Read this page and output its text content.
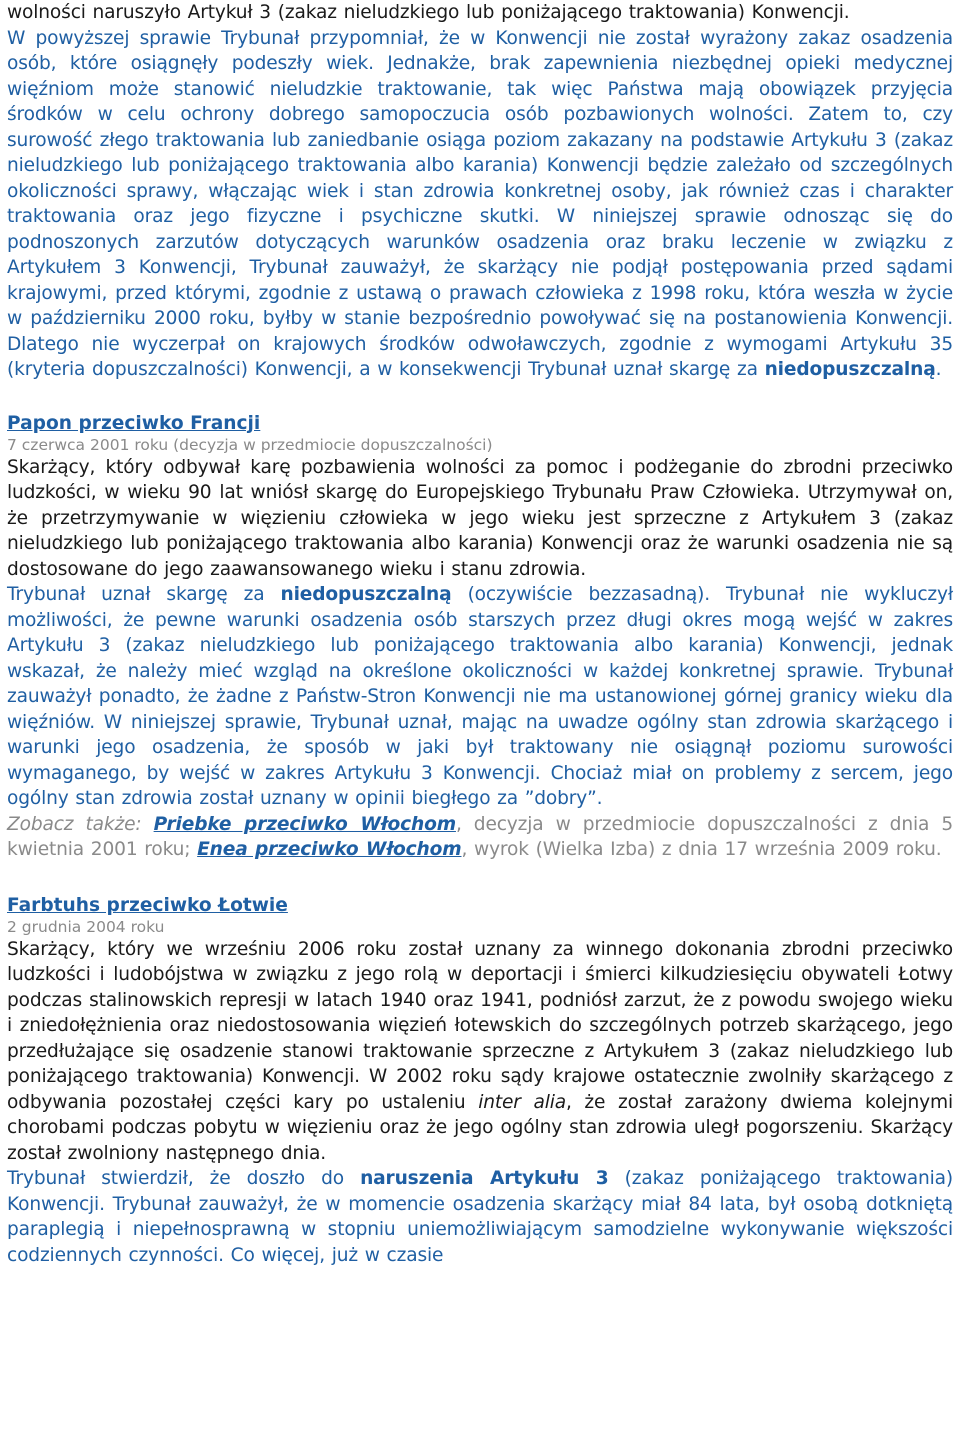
wolności naruszyło Artykuł 3 (zakaz nieludzkiego lub poniżającego traktowania) Konwencji.

W powyższej sprawie Trybunał przypomniał, że w Konwencji nie został wyrażony zakaz osadzenia osób, które osiągnęły podeszły wiek. Jednakże, brak zapewnienia niezbędnej opieki medycznej więźniom może stanowić nieludzkie traktowanie, tak więc Państwa mają obowiązek przyjęcia środków w celu ochrony dobrego samopoczucia osób pozbawionych wolności. Zatem to, czy surowość złego traktowania lub zaniedbanie osiąga poziom zakazany na podstawie Artykułu 3 (zakaz nieludzkiego lub poniżającego traktowania albo karania) Konwencji będzie zależało od szczególnych okoliczności sprawy, włączając wiek i stan zdrowia konkretnej osoby, jak również czas i charakter traktowania oraz jego fizyczne i psychiczne skutki. W niniejszej sprawie odnosząc się do podnoszonych zarzutów dotyczących warunków osadzenia oraz braku leczenie w związku z Artykułem 3 Konwencji, Trybunał zauważył, że skarżący nie podjął postępowania przed sądami krajowymi, przed którymi, zgodnie z ustawą o prawach człowieka z 1998 roku, która weszła w życie w październiku 2000 roku, byłby w stanie bezpośrednio powoływać się na postanowienia Konwencji. Dlatego nie wyczerpał on krajowych środków odwoławczych, zgodnie z wymogami Artykułu 35 (kryteria dopuszczalności) Konwencji, a w konsekwencji Trybunał uznał skargę za niedopuszczalną.

Papon przeciwko Francji

7 czerwca 2001 roku (decyzja w przedmiocie dopuszczalności)

Skarżący, który odbywał karę pozbawienia wolności za pomoc i podżeganie do zbrodni przeciwko ludzkości, w wieku 90 lat wniósł skargę do Europejskiego Trybunału Praw Człowieka. Utrzymywał on, że przetrzymywanie w więzieniu człowieka w jego wieku jest sprzeczne z Artykułem 3 (zakaz nieludzkiego lub poniżającego traktowania albo karania) Konwencji oraz że warunki osadzenia nie są dostosowane do jego zaawansowanego wieku i stanu zdrowia.

Trybunał uznał skargę za niedopuszczalną (oczywiście bezzasadną). Trybunał nie wykluczył możliwości, że pewne warunki osadzenia osób starszych przez długi okres mogą wejść w zakres Artykułu 3 (zakaz nieludzkiego lub poniżającego traktowania albo karania) Konwencji, jednak wskazał, że należy mieć wzgląd na określone okoliczności w każdej konkretnej sprawie. Trybunał zauważył ponadto, że żadne z Państw-Stron Konwencji nie ma ustanowionej górnej granicy wieku dla więźniów. W niniejszej sprawie, Trybunał uznał, mając na uwadze ogólny stan zdrowia skarżącego i warunki jego osadzenia, że sposób w jaki był traktowany nie osiągnął poziomu surowości wymaganego, by wejść w zakres Artykułu 3 Konwencji. Chociaż miał on problemy z sercem, jego ogólny stan zdrowia został uznany w opinii biegłego za ”dobry”.

Zobacz także: Priebke przeciwko Włochom, decyzja w przedmiocie dopuszczalności z dnia 5 kwietnia 2001 roku; Enea przeciwko Włochom, wyrok (Wielka Izba) z dnia 17 września 2009 roku.

Farbtuhs przeciwko Łotwie

2 grudnia 2004 roku

Skarżący, który we wrześniu 2006 roku został uznany za winnego dokonania zbrodni przeciwko ludzkości i ludobójstwa w związku z jego rolą w deportacji i śmierci kilkudziesięciu obywateli Łotwy podczas stalinowskich represji w latach 1940 oraz 1941, podniósł zarzut, że z powodu swojego wieku i zniedołężnienia oraz niedostosowania więzień łotewskich do szczególnych potrzeb skarżącego, jego przedłużające się osadzenie stanowi traktowanie sprzeczne z Artykułem 3 (zakaz nieludzkiego lub poniżającego traktowania) Konwencji. W 2002 roku sądy krajowe ostatecznie zwolniły skarżącego z odbywania pozostałej części kary po ustaleniu inter alia, że został zarażony dwiema kolejnymi chorobami podczas pobytu w więzieniu oraz że jego ogólny stan zdrowia uległ pogorszeniu. Skarżący został zwolniony następnego dnia.

Trybunał stwierdził, że doszło do naruszenia Artykułu 3 (zakaz poniżającego traktowania) Konwencji. Trybunał zauważył, że w momencie osadzenia skarżący miał 84 lata, był osobą dotkniętą paraplegią i niepełnosprawną w stopniu uniemożliwiającym samodzielne wykonywanie większości codziennych czynności. Co więcej, już w czasie
